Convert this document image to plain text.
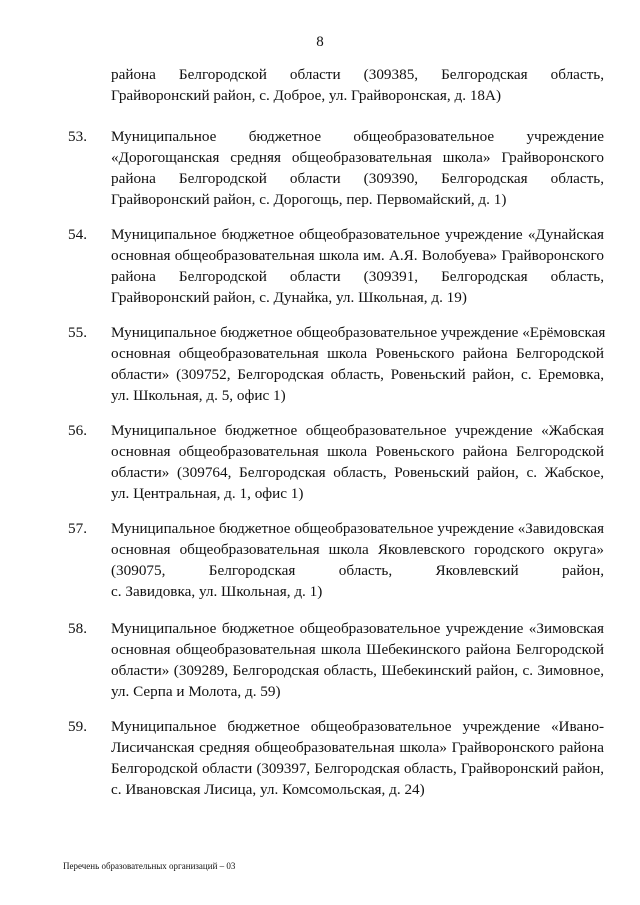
8
района Белгородской области (309385, Белгородская область,
Грайворонский район, с. Доброе, ул. Грайворонская, д. 18А)
53. Муниципальное бюджетное общеобразовательное учреждение
«Дорогощанская средняя общеобразовательная школа» Грайворонского
района Белгородской области (309390, Белгородская область,
Грайворонский район, с. Дорогощь, пер. Первомайский, д. 1)
54. Муниципальное бюджетное общеобразовательное учреждение «Дунайская
основная общеобразовательная школа им. А.Я. Волобуева» Грайворонского
района Белгородской области (309391, Белгородская область,
Грайворонский район, с. Дунайка, ул. Школьная, д. 19)
55. Муниципальное бюджетное общеобразовательное учреждение «Ерёмовская
основная общеобразовательная школа Ровеньского района Белгородской
области» (309752, Белгородская область, Ровеньский район, с. Еремовка,
ул. Школьная, д. 5, офис 1)
56. Муниципальное бюджетное общеобразовательное учреждение «Жабская
основная общеобразовательная школа Ровеньского района Белгородской
области» (309764, Белгородская область, Ровеньский район, с. Жабское,
ул. Центральная, д. 1, офис 1)
57. Муниципальное бюджетное общеобразовательное учреждение «Завидовская
основная общеобразовательная школа Яковлевского городского округа»
(309075, Белгородская область, Яковлевский район,
с. Завидовка, ул. Школьная, д. 1)
58. Муниципальное бюджетное общеобразовательное учреждение «Зимовская
основная общеобразовательная школа Шебекинского района Белгородской
области» (309289, Белгородская область, Шебекинский район, с. Зимовное,
ул. Серпа и Молота, д. 59)
59. Муниципальное бюджетное общеобразовательное учреждение «Ивано-
Лисичанская средняя общеобразовательная школа» Грайворонского района
Белгородской области (309397, Белгородская область, Грайворонский район,
с. Ивановская Лисица, ул. Комсомольская, д. 24)
Перечень образовательных организаций – 03
